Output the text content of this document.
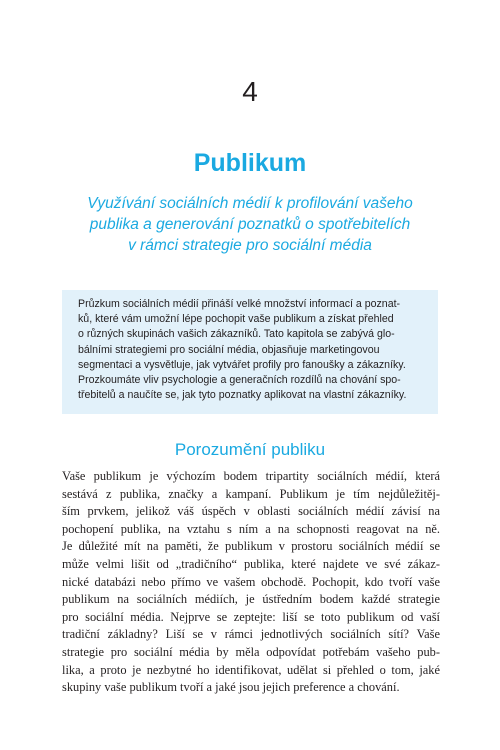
4
Publikum
Využívání sociálních médií k profilování vašeho
publika a generování poznatků o spotřebitelích
v rámci strategie pro sociální média
Průzkum sociálních médií přináší velké množství informací a poznat-
ků, které vám umožní lépe pochopit vaše publikum a získat přehled
o různých skupinách vašich zákazníků. Tato kapitola se zabývá glo-
bálními strategiemi pro sociální média, objasňuje marketingovou
segmentaci a vysvětluje, jak vytvářet profily pro fanoušky a zákazníky.
Prozkoumáte vliv psychologie a generačních rozdílů na chování spo-
třebitelů a naučíte se, jak tyto poznatky aplikovat na vlastní zákazníky.
Porozumění publiku
Vaše publikum je výchozím bodem tripartity sociálních médií, která
sestává z publika, značky a kampaní. Publikum je tím nejdůležitěj-
ším prvkem, jelikož váš úspěch v oblasti sociálních médií závisí na
pochopení publika, na vztahu s ním a na schopnosti reagovat na ně.
Je důležité mít na paměti, že publikum v prostoru sociálních médií se
může velmi lišit od „tradičního“ publika, které najdete ve své zákaz-
nické databázi nebo přímo ve vašem obchodě. Pochopit, kdo tvoří vaše
publikum na sociálních médiích, je ústředním bodem každé strategie
pro sociální média. Nejprve se zeptejte: liší se toto publikum od vaší
tradiční základny? Liší se v rámci jednotlivých sociálních sítí? Vaše
strategie pro sociální média by měla odpovídat potřebám vašeho pub-
lika, a proto je nezbytné ho identifikovat, udělat si přehled o tom, jaké
skupiny vaše publikum tvoří a jaké jsou jejich preference a chování.
